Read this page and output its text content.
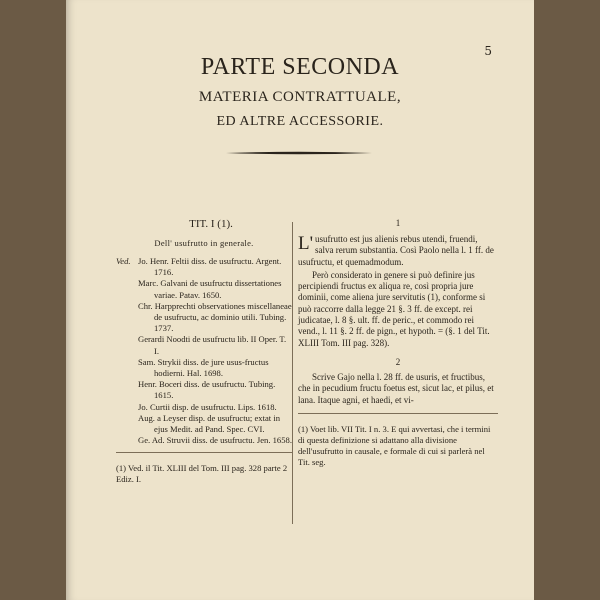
5
PARTE SECONDA
MATERIA CONTRATTUALE,
ED ALTRE ACCESSORIE.
TIT. I (1).
Dell' usufrutto in generale.
Ved. Jo. Henr. Feltii diss. de usufructu. Argent. 1716.
Marc. Galvani de usufructu dissertationes variae. Patav. 1650.
Chr. Harpprechti observationes miscellaneae de usufructu, ac dominio utili. Tubing. 1737.
Gerardi Noodti de usufructu lib. II Oper. T. I.
Sam. Strykii diss. de jure usus-fructus hodierni. Hal. 1698.
Henr. Boceri diss. de usufructu. Tubing. 1615.
Jo. Curtii disp. de usufructu. Lips. 1618.
Aug. a Leyser disp. de usufructu; extat in ejus Medit. ad Pand. Spec. CVI.
Ge. Ad. Struvii diss. de usufructu. Jen. 1658.
(1) Ved. il Tit. XLIII del Tom. III pag. 328 parte 2 Ediz. I.
1

L' usufrutto est jus alienis rebus utendi, fruendi, salva rerum substantia. Così Paolo nella l. 1 ff. de usufructu, et quemadmodum.

Però considerato in genere si può definire jus percipiendi fructus ex aliqua re, così propria jure dominii, come aliena jure servitutis (1), conforme si può raccorre dalla legge 21 §. 3 ff. de except. rei judicatae, l. 8 §. ult. ff. de peric., et commodo rei vend., l. 11 §. 2 ff. de pign., et hypoth. = (§. 1 del Tit. XLIII Tom. III pag. 328).

2

Scrive Gajo nella l. 28 ff. de usuris, et fructibus, che in pecudium fructu foetus est, sicut lac, et pilus, et lana. Itaque agni, et haedi, et vi-

(1) Voet lib. VII Tit. I n. 3. E qui avvertasi, che i termini di questa definizione si adattano alla divisione dell'usufrutto in causale, e formale di cui si parlerà nel Tit. seg.
